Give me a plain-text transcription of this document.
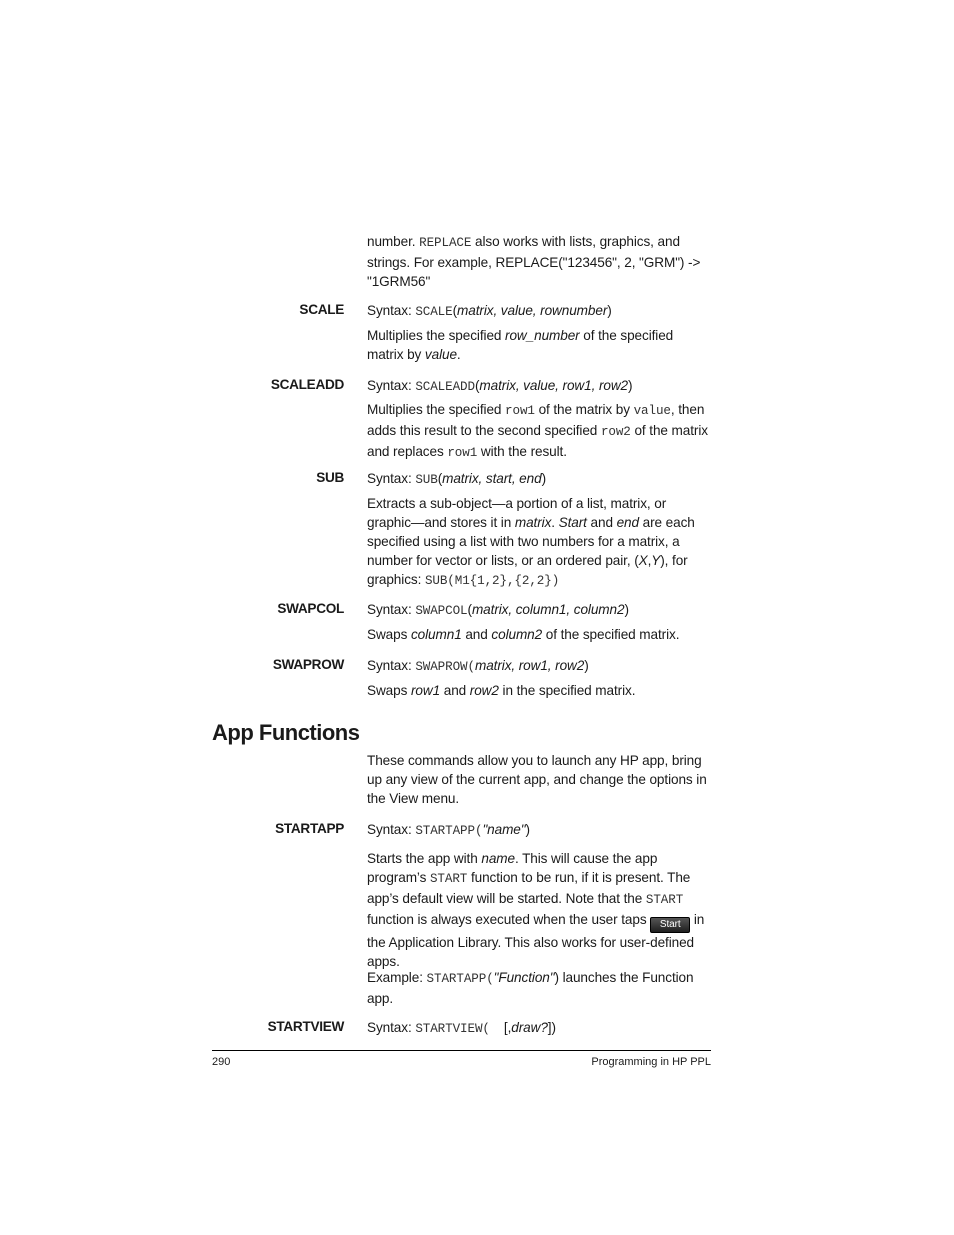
number. REPLACE also works with lists, graphics, and strings. For example, REPLACE("123456", 2, "GRM") -> "1GRM56"
SCALE Syntax: SCALE(matrix, value, rownumber)
Multiplies the specified row_number of the specified matrix by value.
SCALEADD Syntax: SCALEADD(matrix, value, row1, row2)
Multiplies the specified row1 of the matrix by value, then adds this result to the second specified row2 of the matrix and replaces row1 with the result.
SUB Syntax: SUB(matrix, start, end)
Extracts a sub-object—a portion of a list, matrix, or graphic—and stores it in matrix. Start and end are each specified using a list with two numbers for a matrix, a number for vector or lists, or an ordered pair, (X,Y), for graphics: SUB(M1{1,2},{2,2})
SWAPCOL Syntax: SWAPCOL(matrix, column1, column2)
Swaps column1 and column2 of the specified matrix.
SWAPROW Syntax: SWAPROW(matrix, row1, row2)
Swaps row1 and row2 in the specified matrix.
App Functions
These commands allow you to launch any HP app, bring up any view of the current app, and change the options in the View menu.
STARTAPP Syntax: STARTAPP("name")
Starts the app with name. This will cause the app program’s START function to be run, if it is present. The app’s default view will be started. Note that the START function is always executed when the user taps Start in the Application Library. This also works for user-defined apps.
Example: STARTAPP("Function") launches the Function app.
STARTVIEW Syntax: STARTVIEW( [,draw?])
290	Programming in HP PPL
